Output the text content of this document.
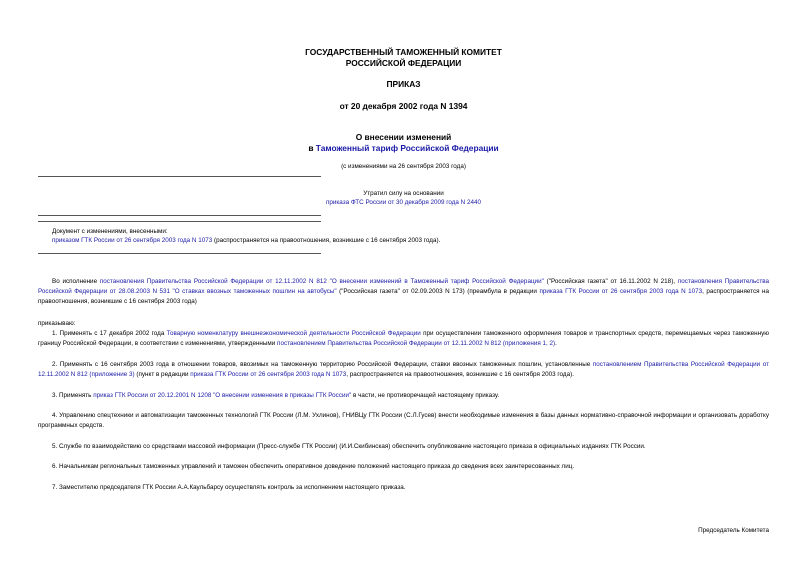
ГОСУДАРСТВЕННЫЙ ТАМОЖЕННЫЙ КОМИТЕТ
РОССИЙСКОЙ ФЕДЕРАЦИИ
ПРИКАЗ
от 20 декабря 2002 года N 1394
О внесении изменений
в Таможенный тариф Российской Федерации
(с изменениями на 26 сентября 2003 года)
Утратил силу на основании
приказа ФТС России от 30 декабря 2009 года N 2440
Документ с изменениями, внесенными:
приказом ГТК России от 26 сентября 2003 года N 1073 (распространяется на правоотношения, возникшие с 16 сентября 2003 года).
Во исполнение постановления Правительства Российской Федерации от 12.11.2002 N 812 "О внесении изменений в Таможенный тариф Российской Федерации" ("Российская газета" от 16.11.2002 N 218), постановления Правительства Российской Федерации от 28.08.2003 N 531 "О ставках ввозных таможенных пошлин на автобусы" ("Российская газета" от 02.09.2003 N 173) (преамбула в редакции приказа ГТК России от 26 сентября 2003 года N 1073, распространяется на правоотношения, возникшие с 16 сентября 2003 года)
приказываю:
1. Применять с 17 декабря 2002 года Товарную номенклатуру внешнеэкономической деятельности Российской Федерации при осуществлении таможенного оформления товаров и транспортных средств, перемещаемых через таможенную границу Российской Федерации, в соответствии с изменениями, утвержденными постановлением Правительства Российской Федерации от 12.11.2002 N 812 (приложения 1, 2).
2. Применять с 16 сентября 2003 года в отношении товаров, ввозимых на таможенную территорию Российской Федерации, ставки ввозных таможенных пошлин, установленные постановлением Правительства Российской Федерации от 12.11.2002 N 812 (приложение 3) (пункт в редакции приказа ГТК России от 26 сентября 2003 года N 1073, распространяется на правоотношения, возникшие с 16 сентября 2003 года).
3. Применять приказ ГТК России от 20.12.2001 N 1208 "О внесении изменения в приказы ГТК России" в части, не противоречащей настоящему приказу.
4. Управлению спецтехники и автоматизации таможенных технологий ГТК России (Л.М. Ухлинов), ГНИВЦу ГТК России (С.Л.Гусев) внести необходимые изменения в базы данных нормативно-справочной информации и организовать доработку программных средств.
5. Службе по взаимодействию со средствами массовой информации (Пресс-службе ГТК России) (И.И.Скибинская) обеспечить опубликование настоящего приказа в официальных изданиях ГТК России.
6. Начальникам региональных таможенных управлений и таможен обеспечить оперативное доведение положений настоящего приказа до сведения всех заинтересованных лиц.
7. Заместителю председателя ГТК России А.А.Каульбарсу осуществлять контроль за исполнением настоящего приказа.
Председатель Комитета
